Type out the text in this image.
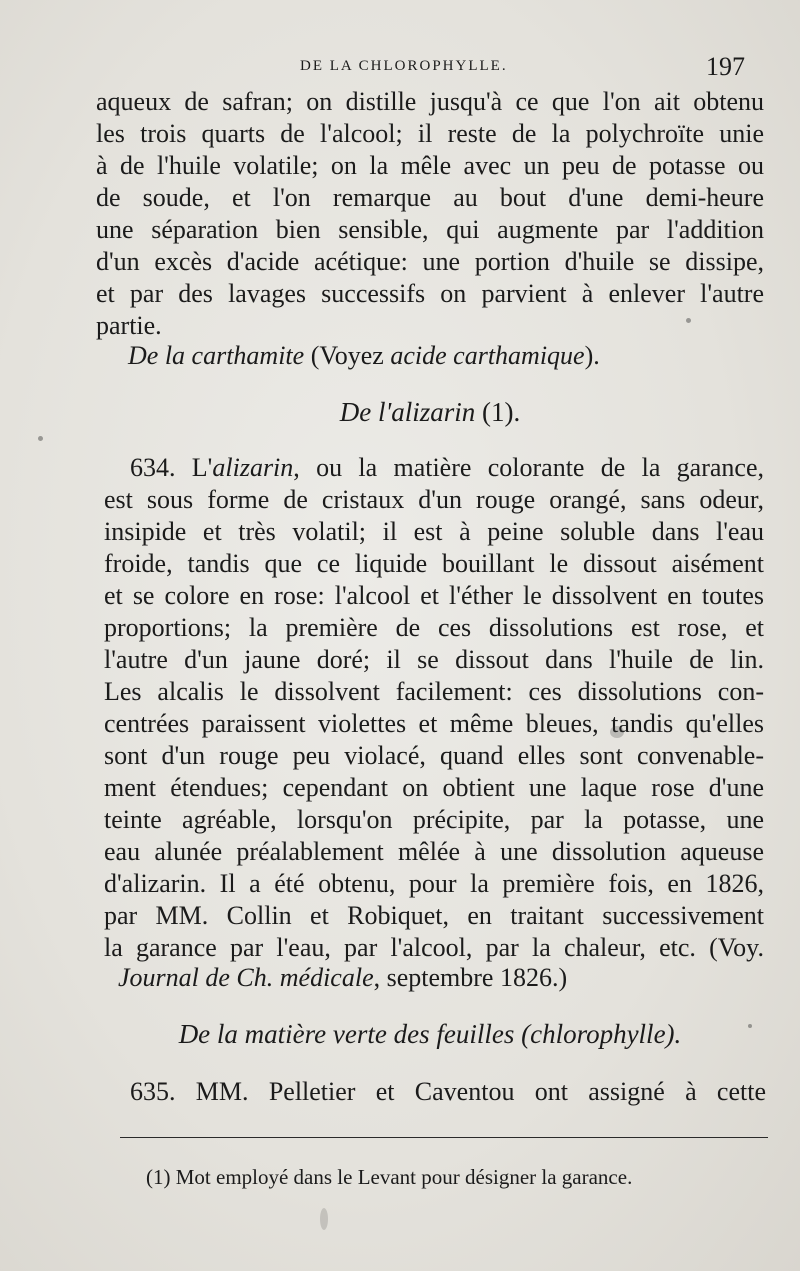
DE LA CHLOROPHYLLE.	197
aqueux de safran; on distille jusqu'à ce que l'on ait obtenu
les trois quarts de l'alcool; il reste de la polychroïte unie
à de l'huile volatile; on la mêle avec un peu de potasse ou
de soude, et l'on remarque au bout d'une demi-heure
une séparation bien sensible, qui augmente par l'addition
d'un excès d'acide acétique: une portion d'huile se dissipe,
et par des lavages successifs on parvient à enlever l'autre
partie.
De la carthamite (Voyez acide carthamique).
De l'alizarin (1).
634. L'alizarin, ou la matière colorante de la garance,
est sous forme de cristaux d'un rouge orangé, sans odeur,
insipide et très volatil; il est à peine soluble dans l'eau
froide, tandis que ce liquide bouillant le dissout aisément
et se colore en rose: l'alcool et l'éther le dissolvent en toutes
proportions; la première de ces dissolutions est rose, et
l'autre d'un jaune doré; il se dissout dans l'huile de lin.
Les alcalis le dissolvent facilement: ces dissolutions con-
centrées paraissent violettes et même bleues, tandis qu'elles
sont d'un rouge peu violacé, quand elles sont convenable-
ment étendues; cependant on obtient une laque rose d'une
teinte agréable, lorsqu'on précipite, par la potasse, une
eau alunée préalablement mêlée à une dissolution aqueuse
d'alizarin. Il a été obtenu, pour la première fois, en 1826,
par MM. Collin et Robiquet, en traitant successivement
la garance par l'eau, par l'alcool, par la chaleur, etc. (Voy.
Journal de Ch. médicale, septembre 1826.)
De la matière verte des feuilles (chlorophylle).
635. MM. Pelletier et Caventou ont assigné à cette
(1) Mot employé dans le Levant pour désigner la garance.
